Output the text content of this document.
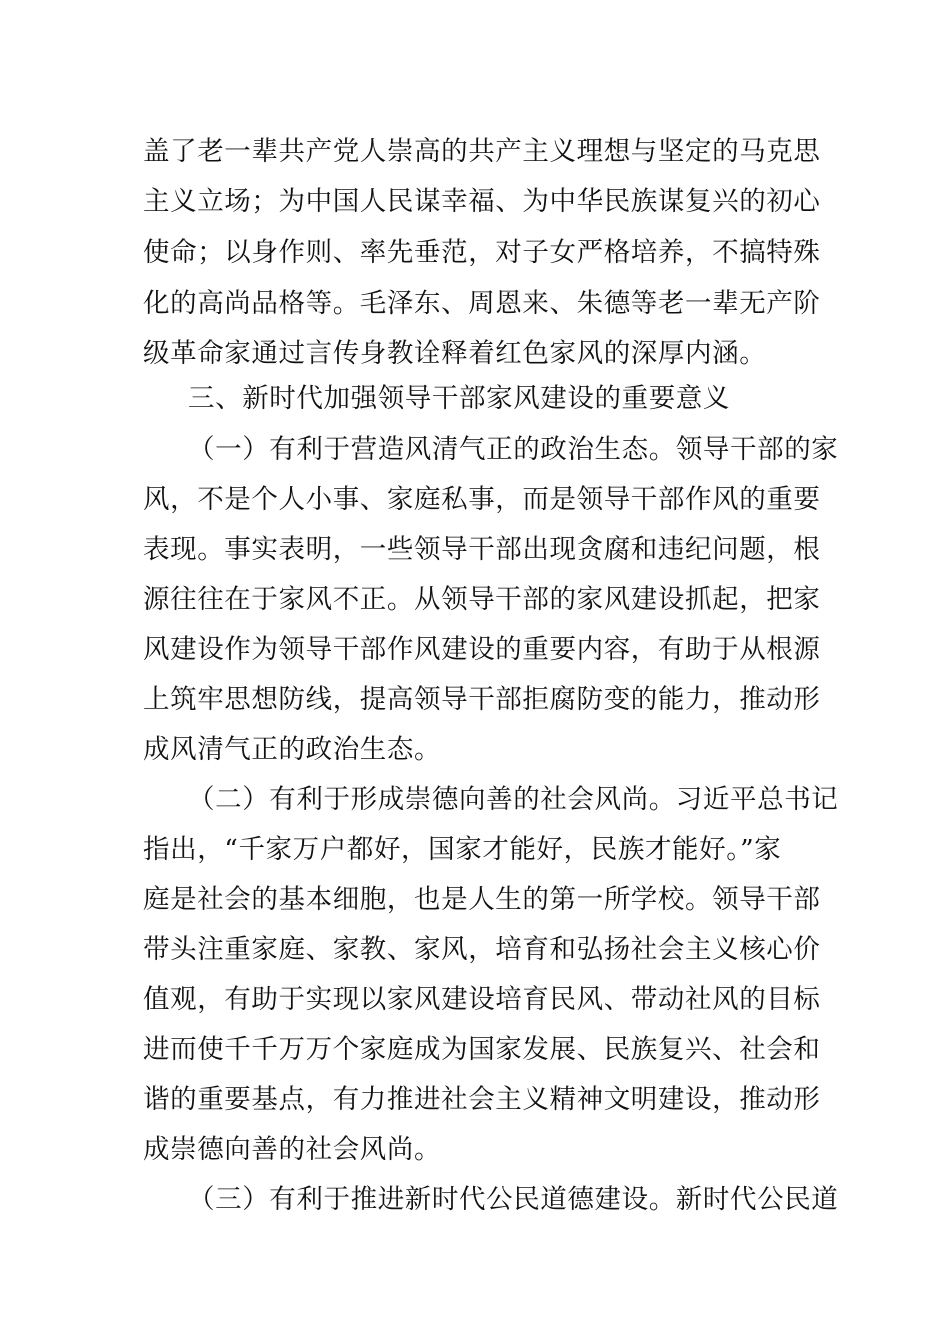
盖了老一辈共产党人崇高的共产主义理想与坚定的马克思
主义立场；为中国人民谋幸福、为中华民族谋复兴的初心
使命；以身作则、率先垂范，对子女严格培养，不搞特殊
化的高尚品格等。毛泽东、周恩来、朱德等老一辈无产阶
级革命家通过言传身教诠释着红色家风的深厚内涵。
三、新时代加强领导干部家风建设的重要意义
（一）有利于营造风清气正的政治生态。领导干部的家
风，不是个人小事、家庭私事，而是领导干部作风的重要
表现。事实表明，一些领导干部出现贪腐和违纪问题，根
源往往在于家风不正。从领导干部的家风建设抓起，把家
风建设作为领导干部作风建设的重要内容，有助于从根源
上筑牢思想防线，提高领导干部拒腐防变的能力，推动形
成风清气正的政治生态。
（二）有利于形成崇德向善的社会风尚。习近平总书记
指出，“千家万户都好，国家才能好，民族才能好。”家
庭是社会的基本细胞，也是人生的第一所学校。领导干部
带头注重家庭、家教、家风，培育和弘扬社会主义核心价
值观，有助于实现以家风建设培育民风、带动社风的目标
进而使千千万万个家庭成为国家发展、民族复兴、社会和
谐的重要基点，有力推进社会主义精神文明建设，推动形
成崇德向善的社会风尚。
（三）有利于推进新时代公民道德建设。新时代公民道
